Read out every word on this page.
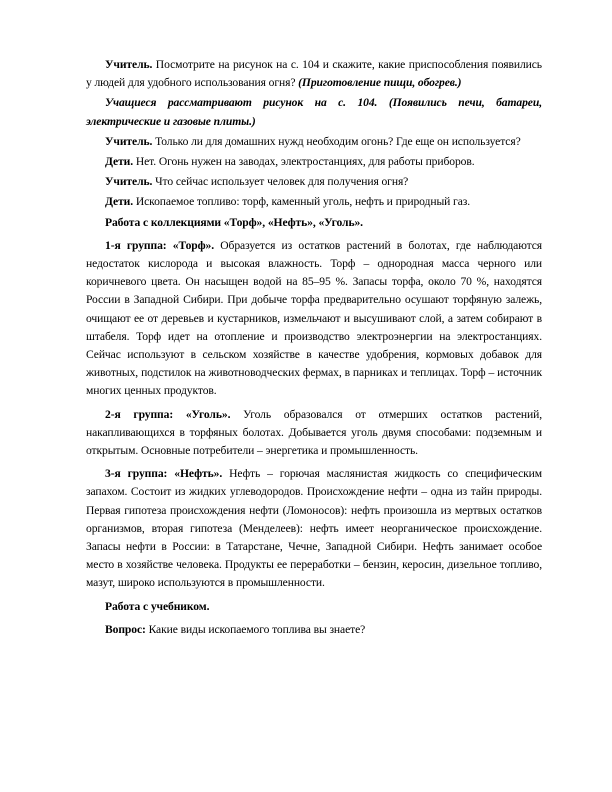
Учитель. Посмотрите на рисунок на с. 104 и скажите, какие приспособления появились у людей для удобного использования огня? (Приготовление пищи, обогрев.)

Учащиеся рассматривают рисунок на с. 104. (Появились печи, батареи, электрические и газовые плиты.)

Учитель. Только ли для домашних нужд необходим огонь? Где еще он используется?

Дети. Нет. Огонь нужен на заводах, электростанциях, для работы приборов.

Учитель. Что сейчас использует человек для получения огня?

Дети. Ископаемое топливо: торф, каменный уголь, нефть и природный газ.

Работа с коллекциями «Торф», «Нефть», «Уголь».

1-я группа: «Торф». Образуется из остатков растений в болотах, где наблюдаются недостаток кислорода и высокая влажность. Торф – однородная масса черного или коричневого цвета. Он насыщен водой на 85–95 %. Запасы торфа, около 70 %, находятся России в Западной Сибири. При добыче торфа предварительно осушают торфяную залежь, очищают ее от деревьев и кустарников, измельчают и высушивают слой, а затем собирают в штабеля. Торф идет на отопление и производство электроэнергии на электростанциях. Сейчас используют в сельском хозяйстве в качестве удобрения, кормовых добавок для животных, подстилок на животноводческих фермах, в парниках и теплицах. Торф – источник многих ценных продуктов.

2-я группа: «Уголь». Уголь образовался от отмерших остатков растений, накапливающихся в торфяных болотах. Добывается уголь двумя способами: подземным и открытым. Основные потребители – энергетика и промышленность.

3-я группа: «Нефть». Нефть – горючая маслянистая жидкость со специфическим запахом. Состоит из жидких углеводородов. Происхождение нефти – одна из тайн природы. Первая гипотеза происхождения нефти (Ломоносов): нефть произошла из мертвых остатков организмов, вторая гипотеза (Менделеев): нефть имеет неорганическое происхождение. Запасы нефти в России: в Татарстане, Чечне, Западной Сибири. Нефть занимает особое место в хозяйстве человека. Продукты ее переработки – бензин, керосин, дизельное топливо, мазут, широко используются в промышленности.

Работа с учебником.

Вопрос: Какие виды ископаемого топлива вы знаете?
